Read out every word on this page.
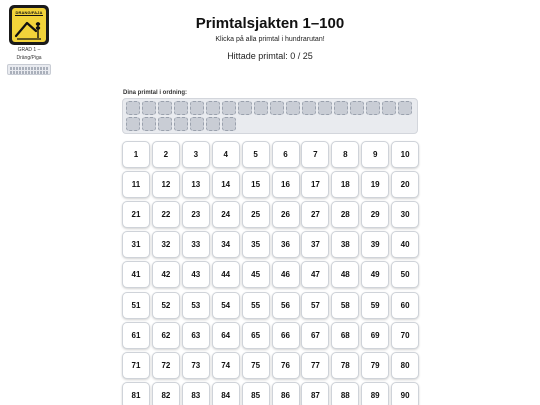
DRANG/FAJA
GRAD 1 –
Dräng/Piga
Primtalsjakten 1–100
Klicka på alla primtal i hundrarutan!
Hittade primtal: 0 / 25
Dina primtal i ordning:
1	2	3	4	5	6	7	8	9	10
11	12	13	14	15	16	17	18	19	20
21	22	23	24	25	26	27	28	29	30
31	32	33	34	35	36	37	38	39	40
41	42	43	44	45	46	47	48	49	50
51	52	53	54	55	56	57	58	59	60
61	62	63	64	65	66	67	68	69	70
71	72	73	74	75	76	77	78	79	80
81	82	83	84	85	86	87	88	89	90
